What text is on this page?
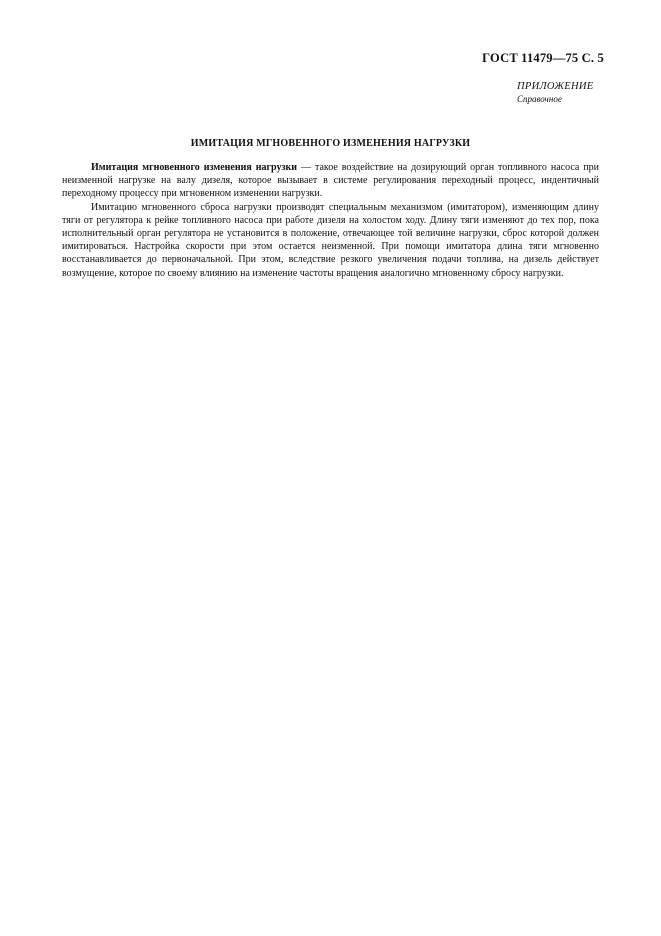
ГОСТ 11479—75 С. 5
ПРИЛОЖЕНИЕ
Справочное
ИМИТАЦИЯ МГНОВЕННОГО ИЗМЕНЕНИЯ НАГРУЗКИ

Имитация мгновенного изменения нагрузки — такое воздействие на дозирующий орган топливного насоса при неизменной нагрузке на валу дизеля, которое вызывает в системе регулирования переходный процесс, индентичный переходному процессу при мгновенном изменении нагрузки.

Имитацию мгновенного сброса нагрузки производят специальным механизмом (имитатором), изменяющим длину тяги от регулятора к рейке топливного насоса при работе дизеля на холостом ходу. Длину тяги изменяют до тех пор, пока исполнительный орган регулятора не установится в положение, отвечающее той величине нагрузки, сброс которой должен имитироваться. Настройка скорости при этом остается неизменной. При помощи имитатора длина тяги мгновенно восстанавливается до первоначальной. При этом, вследствие резкого увеличения подачи топлива, на дизель действует возмущение, которое по своему влиянию на изменение частоты вращения аналогично мгновенному сбросу нагрузки.
